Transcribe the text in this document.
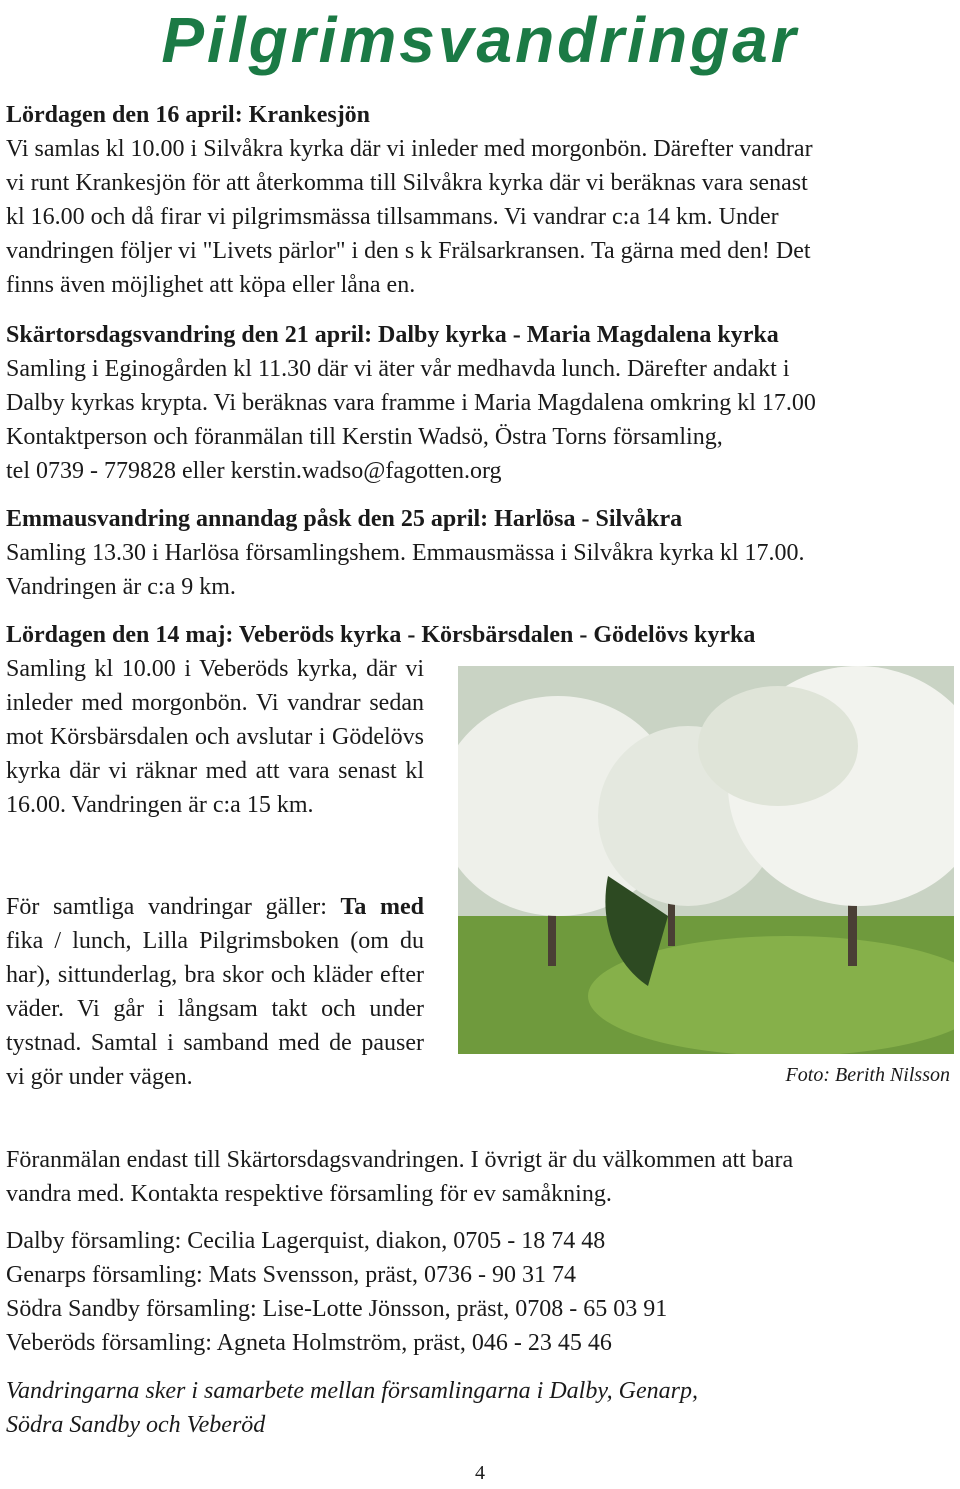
Pilgrimsvandringar

Lördagen den 16 april: Krankesjön

Vi samlas kl 10.00 i Silvåkra kyrka där vi inleder med morgonbön. Därefter vandrar

vi runt Krankesjön för att återkomma till Silvåkra kyrka där vi beräknas vara senast

kl 16.00 och då firar vi pilgrimsmässa tillsammans. Vi vandrar c:a 14 km. Under

vandringen följer vi "Livets pärlor" i den s k Frälsarkransen. Ta gärna med den! Det

finns även möjlighet att köpa eller låna en.

Skärtorsdagsvandring den 21 april: Dalby kyrka - Maria Magdalena kyrka

Samling i Eginogården kl 11.30 där vi äter vår medhavda lunch. Därefter andakt i

Dalby kyrkas krypta. Vi beräknas vara framme i Maria Magdalena omkring kl 17.00

Kontaktperson och föranmälan till Kerstin Wadsö, Östra Torns församling,

tel 0739 - 779828 eller kerstin.wadso@fagotten.org

Emmausvandring annandag påsk den 25 april: Harlösa - Silvåkra

Samling 13.30 i Harlösa församlingshem. Emmausmässa i Silvåkra kyrka kl 17.00.

Vandringen är c:a 9 km.

Lördagen den 14 maj: Veberöds kyrka - Körsbärsdalen - Gödelövs kyrka

Samling kl 10.00 i Veberöds kyrka, där vi inleder med morgonbön. Vi vandrar sedan mot Körsbärsdalen och avslutar i Gödelövs kyrka där vi räknar med att vara senast kl 16.00. Vandringen är c:a 15 km.

För samtliga vandringar gäller: Ta med fika / lunch, Lilla Pilgrimsboken (om du har), sittunderlag, bra skor och kläder efter väder. Vi går i långsam takt och under tystnad. Samtal i samband med de pauser vi gör under vägen.	Foto: Berith Nilsson

Föranmälan endast till Skärtorsdagsvandringen. I övrigt är du välkommen att bara

vandra med. Kontakta respektive församling för ev samåkning.

Dalby församling: Cecilia Lagerquist, diakon, 0705 - 18 74 48

Genarps församling: Mats Svensson, präst, 0736 - 90 31 74

Södra Sandby församling: Lise-Lotte Jönsson, präst, 0708 - 65 03 91

Veberöds församling: Agneta Holmström, präst, 046 - 23 45 46

Vandringarna sker i samarbete mellan församlingarna i Dalby, Genarp,

Södra Sandby och Veberöd

4
